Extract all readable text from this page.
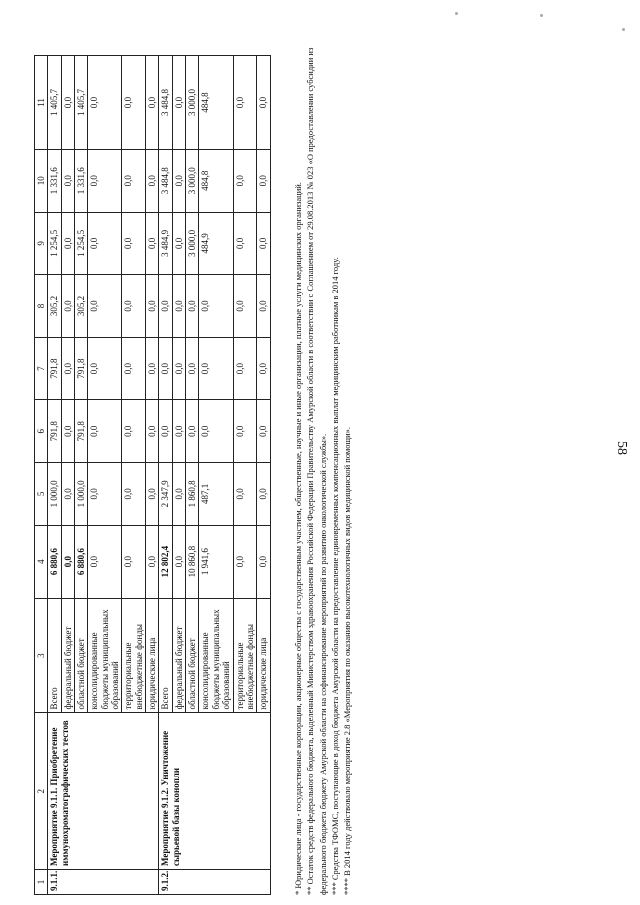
58
1	2	3	4	5	6	7	8	9	10	11
9.1.1.	Мероприятие 9.1.1. Приобретение иммунохроматографических тестов	Всего	6 880,6	1 000,0	791,8	791,8	305,2	1 254,5	1 331,6	1 405,7
		федеральный бюджет	0,0	0,0	0,0	0,0	0,0	0,0	0,0	0,0
		областной бюджет	6 880,6	1 000,0	791,8	791,8	305,2	1 254,5	1 331,6	1 405,7
		консолидированные бюджеты муниципальных образований	0,0	0,0	0,0	0,0	0,0	0,0	0,0	0,0
		территориальные внебюджетные фонды	0,0	0,0	0,0	0,0	0,0	0,0	0,0	0,0
		юридические лица	0,0	0,0	0,0	0,0	0,0	0,0	0,0	0,0
9.1.2.	Мероприятие 9.1.2. Уничтожение сырьевой базы конопли	Всего	12 802,4	2 347,9	0,0	0,0	0,0	3 484,9	3 484,8	3 484,8
		федеральный бюджет	0,0	0,0	0,0	0,0	0,0	0,0	0,0	0,0
		областной бюджет	10 860,8	1 860,8	0,0	0,0	0,0	3 000,0	3 000,0	3 000,0
		консолидированные бюджеты муниципальных образований	1 941,6	487,1	0,0	0,0	0,0	484,9	484,8	484,8
		территориальные внебюджетные фонды	0,0	0,0	0,0	0,0	0,0	0,0	0,0	0,0
		юридические лица	0,0	0,0	0,0	0,0	0,0	0,0	0,0	0,0

* Юридические лица - государственные корпорации, акционерные общества с государственным участием, общественные, научные и иные организации, платные услуги медицинских организаций. ** Остаток средств федерального бюджета, выделенный Министерством здравоохранения Российской Федерации Правительству Амурской области в соответствии с Соглашением от 29.08.2013 № 023 «О предоставлении субсидии из федерального бюджета бюджету Амурской области на софинансирование мероприятий по развитию онкологической службы». *** Средства ТФОМС, поступающие в доход бюджета Амурской области на предоставление единовременных компенсационных выплат медицинским работникам в 2014 году. **** В 2014 году действовало мероприятие 2.8 «Мероприятия по оказанию высокотехнологичных видов медицинской помощи».
